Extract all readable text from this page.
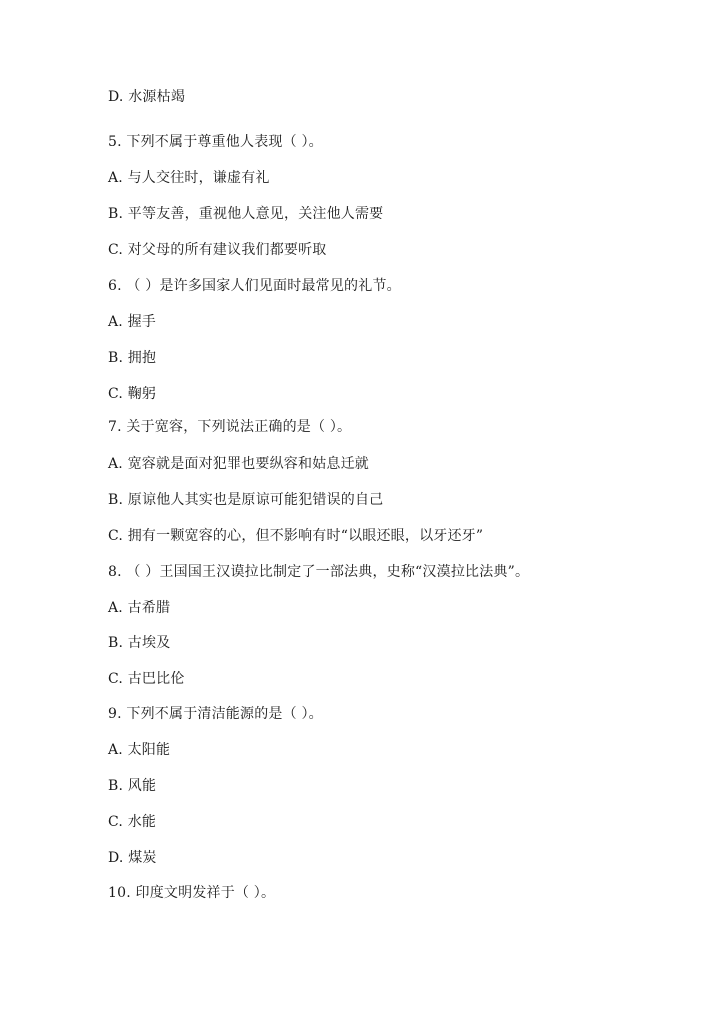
D. 水源枯竭
5. 下列不属于尊重他人表现（ ）。
A. 与人交往时，谦虚有礼
B. 平等友善，重视他人意见，关注他人需要
C. 对父母的所有建议我们都要听取
6. （ ）是许多国家人们见面时最常见的礼节。
A. 握手
B. 拥抱
C. 鞠躬
7. 关于宽容，下列说法正确的是（ ）。
A. 宽容就是面对犯罪也要纵容和姑息迁就
B. 原谅他人其实也是原谅可能犯错误的自己
C. 拥有一颗宽容的心，但不影响有时“以眼还眼，以牙还牙”
8. （ ）王国国王汉谟拉比制定了一部法典，史称“汉漠拉比法典”。
A. 古希腊
B. 古埃及
C. 古巴比伦
9. 下列不属于清洁能源的是（ ）。
A. 太阳能
B. 风能
C. 水能
D. 煤炭
10. 印度文明发祥于（ ）。
